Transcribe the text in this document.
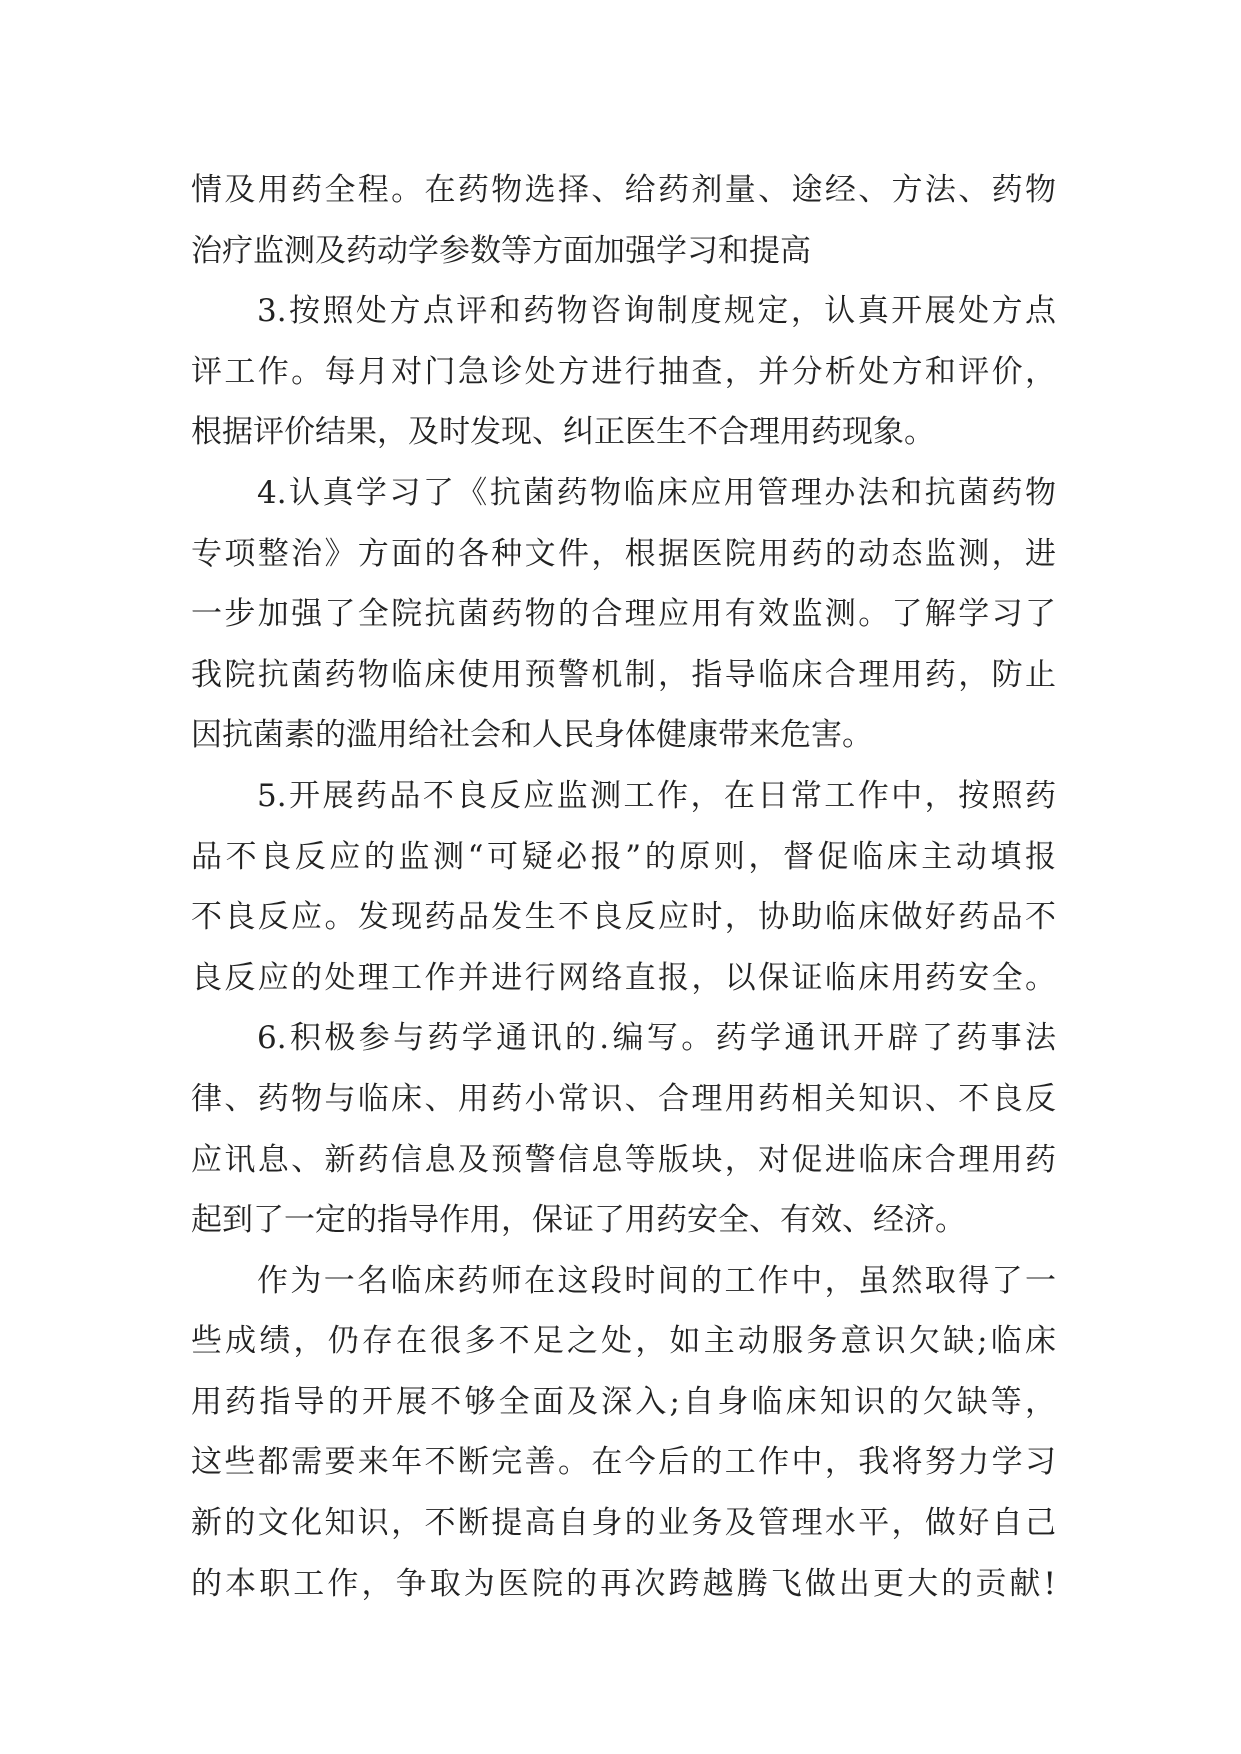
情及用药全程。在药物选择、给药剂量、途经、方法、药物
治疗监测及药动学参数等方面加强学习和提高
3.按照处方点评和药物咨询制度规定，认真开展处方点
评工作。每月对门急诊处方进行抽查，并分析处方和评价，
根据评价结果，及时发现、纠正医生不合理用药现象。
4.认真学习了《抗菌药物临床应用管理办法和抗菌药物
专项整治》方面的各种文件，根据医院用药的动态监测，进
一步加强了全院抗菌药物的合理应用有效监测。了解学习了
我院抗菌药物临床使用预警机制，指导临床合理用药，防止
因抗菌素的滥用给社会和人民身体健康带来危害。
5.开展药品不良反应监测工作，在日常工作中，按照药
品不良反应的监测“可疑必报”的原则，督促临床主动填报
不良反应。发现药品发生不良反应时，协助临床做好药品不
良反应的处理工作并进行网络直报，以保证临床用药安全。
6.积极参与药学通讯的.编写。药学通讯开辟了药事法
律、药物与临床、用药小常识、合理用药相关知识、不良反
应讯息、新药信息及预警信息等版块，对促进临床合理用药
起到了一定的指导作用，保证了用药安全、有效、经济。
作为一名临床药师在这段时间的工作中，虽然取得了一
些成绩，仍存在很多不足之处，如主动服务意识欠缺;临床
用药指导的开展不够全面及深入;自身临床知识的欠缺等，
这些都需要来年不断完善。在今后的工作中，我将努力学习
新的文化知识，不断提高自身的业务及管理水平，做好自己
的本职工作，争取为医院的再次跨越腾飞做出更大的贡献!
